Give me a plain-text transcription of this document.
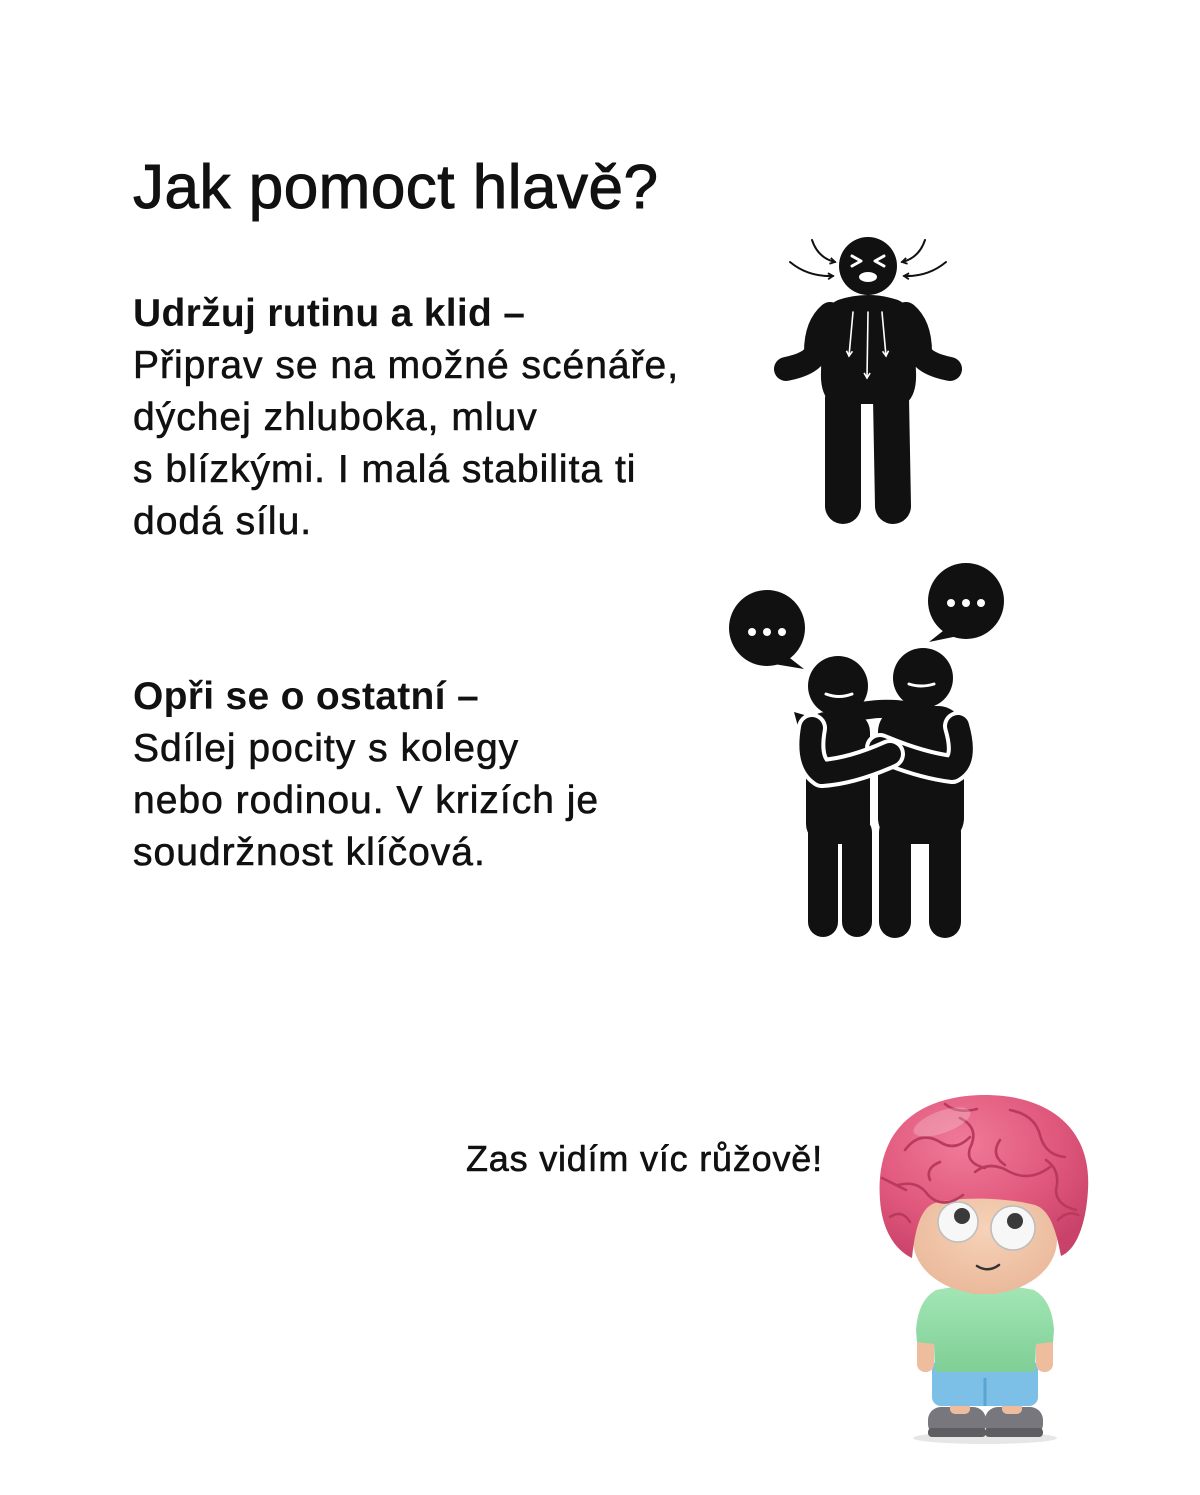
Jak pomoct hlavě?
Udržuj rutinu a klid –
Připrav se na možné scénáře,
dýchej zhluboka, mluv
s blízkými. I malá stabilita ti
dodá sílu.
Opři se o ostatní –
Sdílej pocity s kolegy
nebo rodinou. V krizích je
soudržnost klíčová.
Zas vidím víc růžově!
